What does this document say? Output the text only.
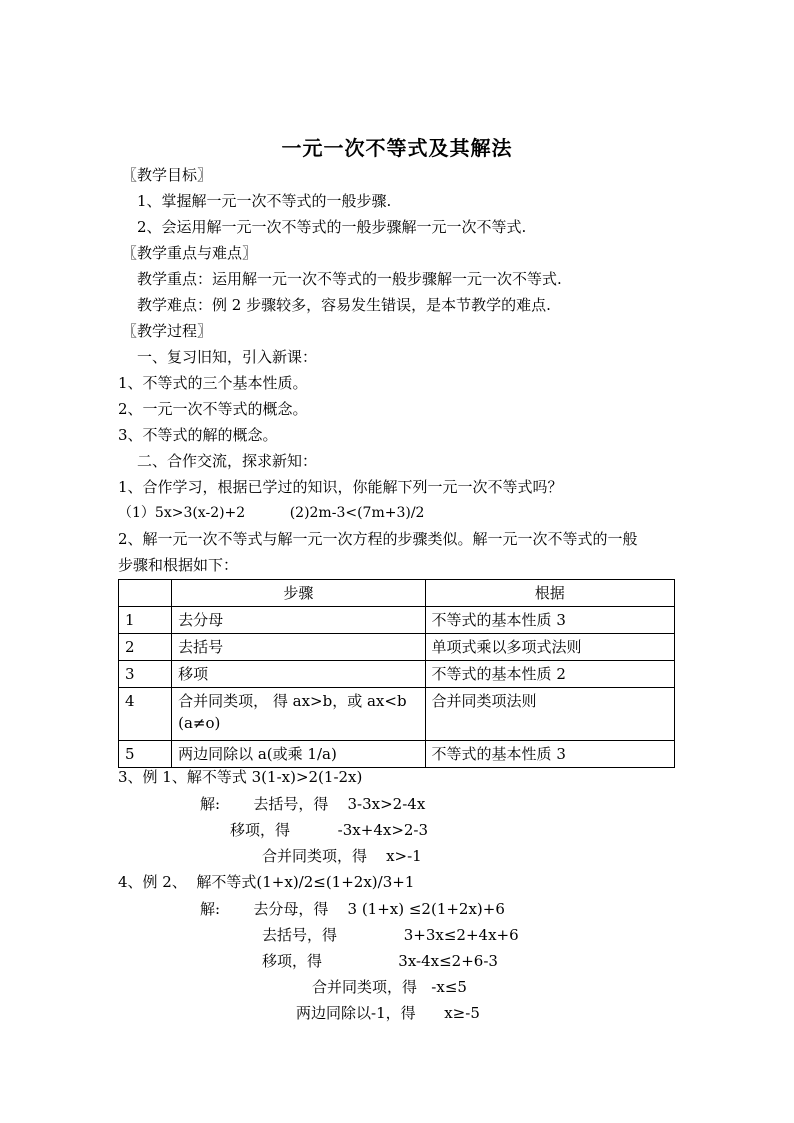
一元一次不等式及其解法
〖教学目标〗
1、掌握解一元一次不等式的一般步骤.
2、会运用解一元一次不等式的一般步骤解一元一次不等式.
〖教学重点与难点〗
教学重点：运用解一元一次不等式的一般步骤解一元一次不等式.
教学难点：例 2 步骤较多，容易发生错误，是本节教学的难点.
〖教学过程〗
一、复习旧知，引入新课：
1、不等式的三个基本性质。
2、一元一次不等式的概念。
3、不等式的解的概念。
二、合作交流，探求新知：
1、合作学习，根据已学过的知识，你能解下列一元一次不等式吗？
（1）5x>3(x-2)+2          (2)2m-3<(7m+3)/2
2、解一元一次不等式与解一元一次方程的步骤类似。解一元一次不等式的一般
步骤和根据如下：
	步骤	根据
1	去分母	不等式的基本性质 3
2	去括号	单项式乘以多项式法则
3	移项	不等式的基本性质 2
4	合并同类项， 得 ax>b，或 ax<b (a≠o)	合并同类项法则
5	两边同除以 a(或乘 1/a)	不等式的基本性质 3
3、例 1、解不等式 3(1-x)>2(1-2x)
解:       去括号，得    3-3x>2-4x
移项，得          -3x+4x>2-3
合并同类项，得    x>-1
4、例 2、  解不等式(1+x)/2≤(1+2x)/3+1
解:       去分母，得    3 (1+x) ≤2(1+2x)+6
去括号，得              3+3x≤2+4x+6
移项，得                3x-4x≤2+6-3
合并同类项，得   -x≤5
两边同除以-1，得      x≥-5
